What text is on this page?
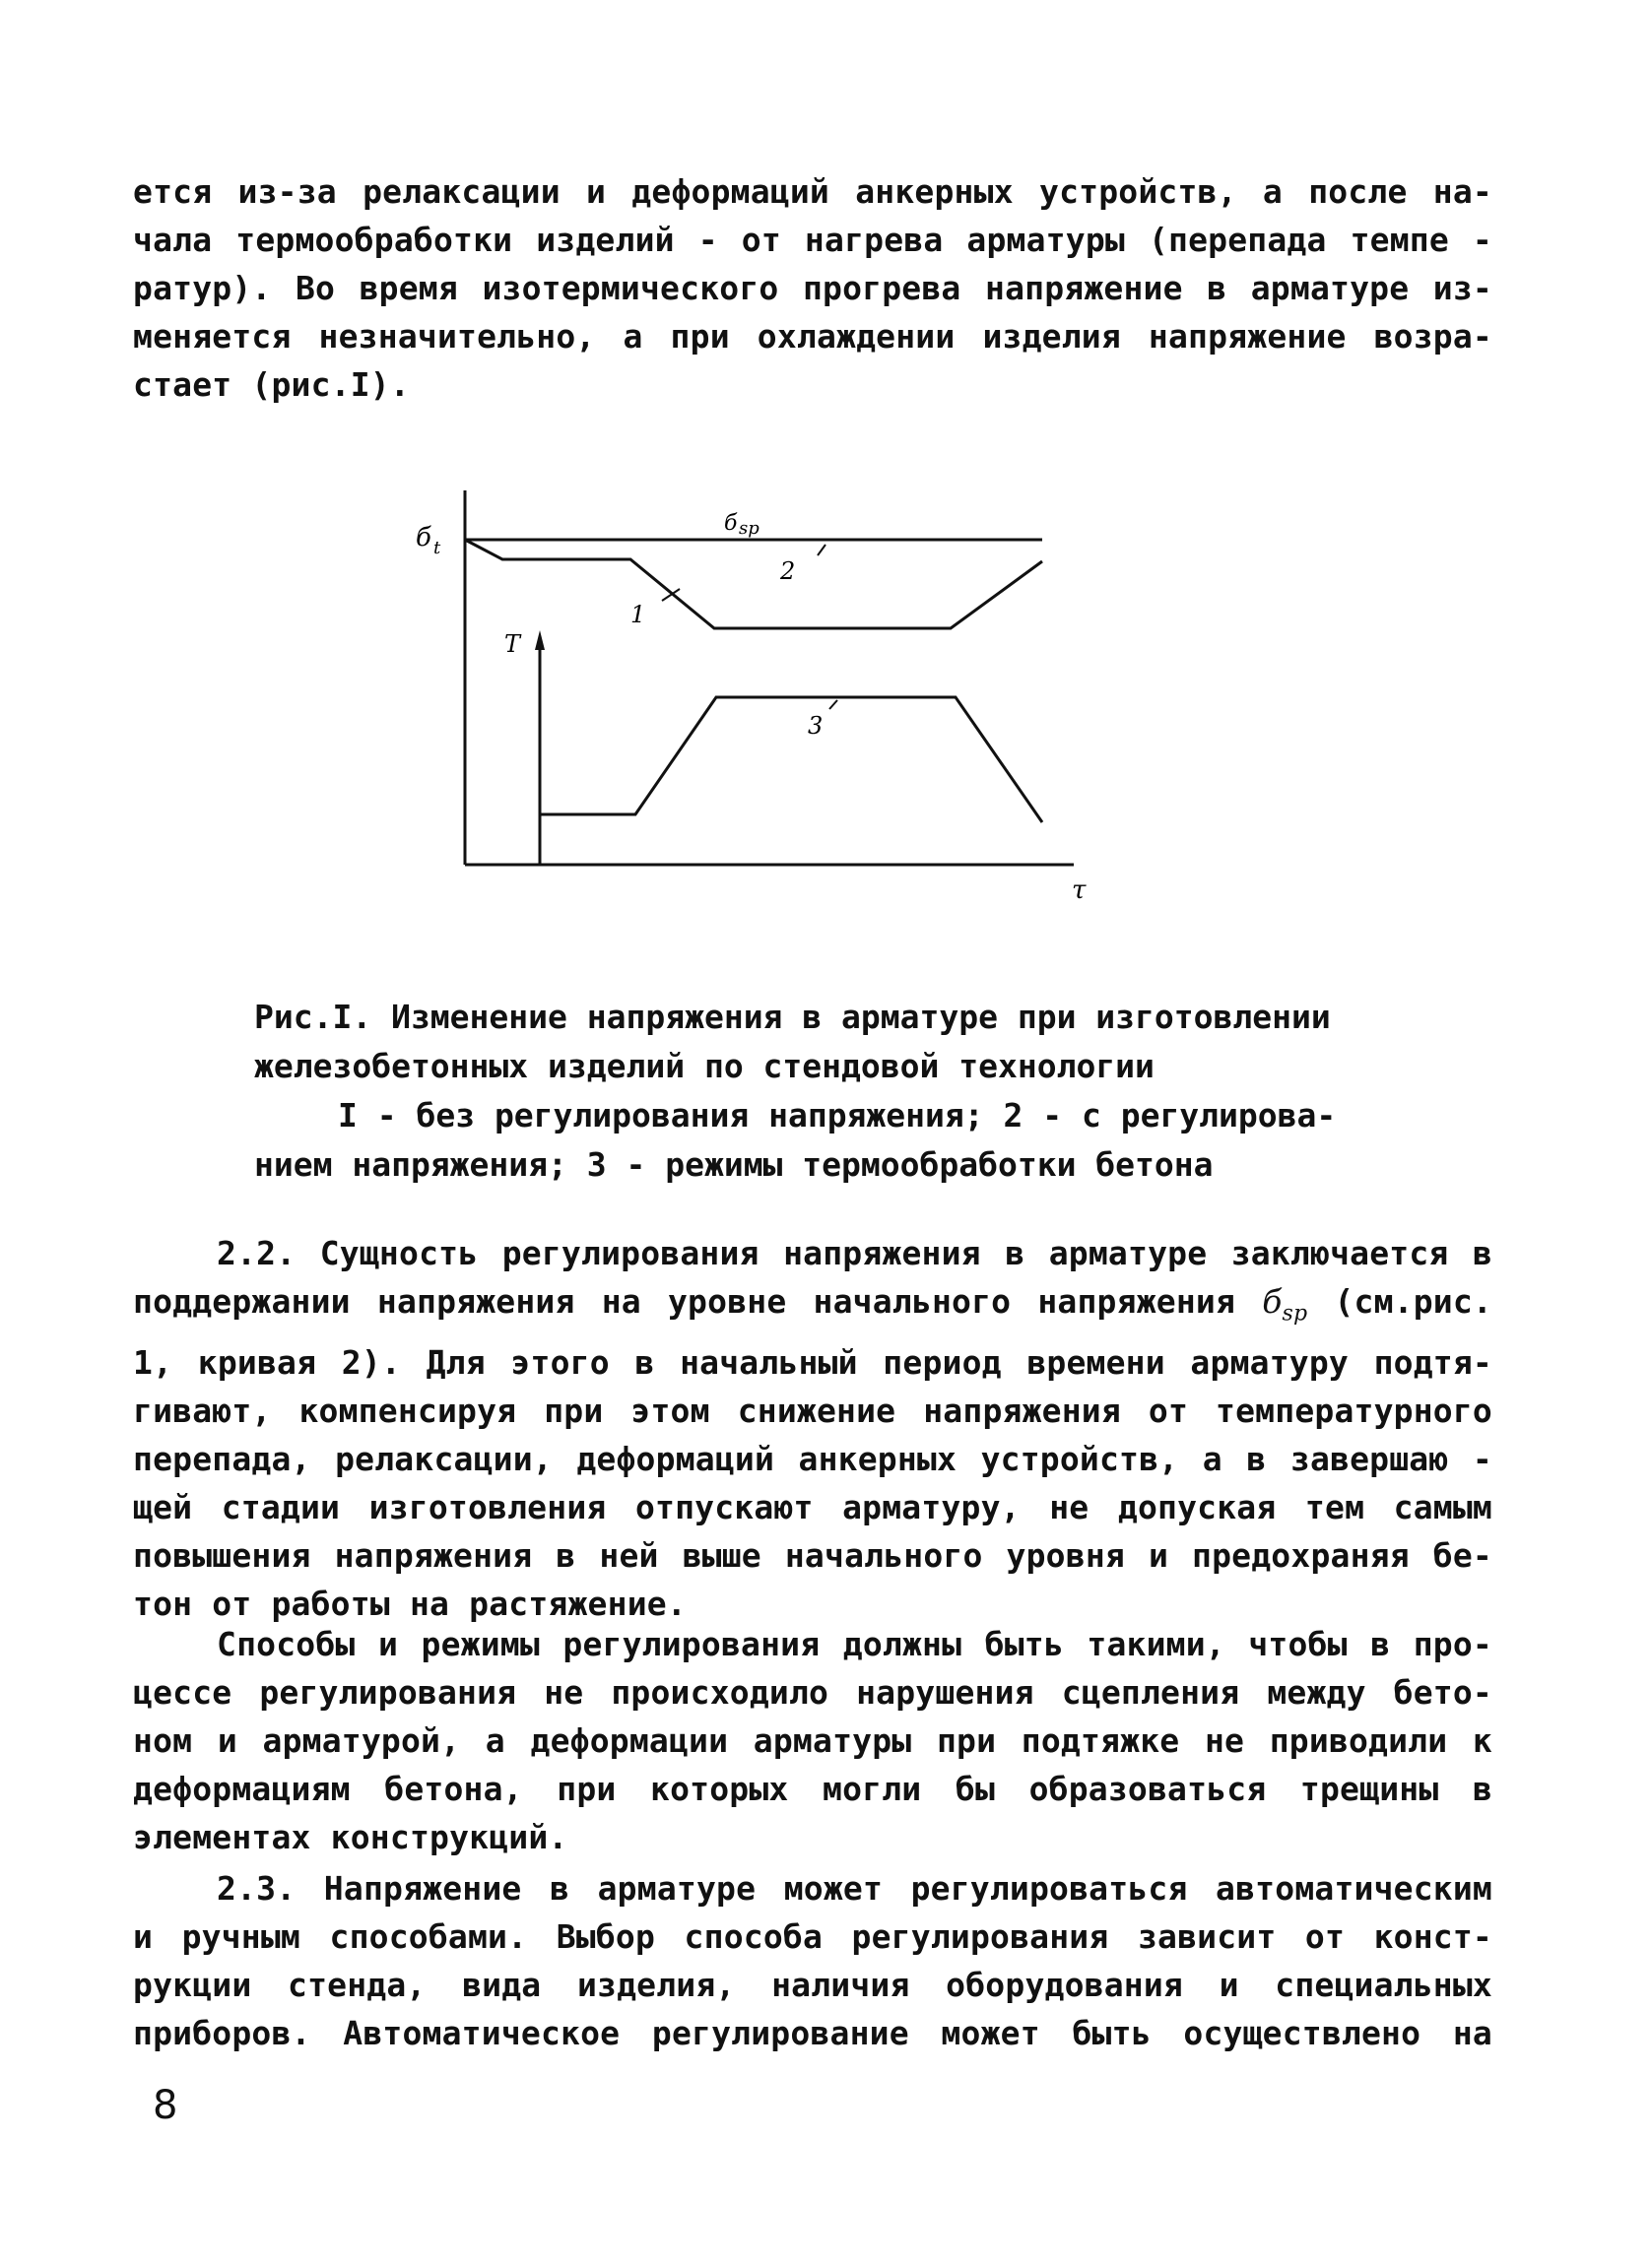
ется из-за релаксации и деформаций анкерных устройств, а после на-

чала термообработки изделий - от нагрева арматуры (перепада темпе -

ратур). Во время изотермического прогрева напряжение в арматуре из-

меняется незначительно, а при охлаждении изделия напряжение возра-

стает (рис.I).

б t
T
τ
б sp
1
2
3

Рис.I. Изменение напряжения в арматуре при изготовлении

железобетонных изделий по стендовой технологии

I - без регулирования напряжения; 2 - с регулирова-

нием напряжения; 3 - режимы термообработки бетона

2.2. Сущность регулирования напряжения в арматуре заключается в

поддержании напряжения на уровне начального напряжения $б_{sp}$ (см.рис.

1, кривая 2). Для этого в начальный период времени арматуру подтя-

гивают, компенсируя при этом снижение напряжения от температурного

перепада, релаксации, деформаций анкерных устройств, а в завершаю -

щей стадии изготовления отпускают арматуру, не допуская тем самым

повышения напряжения в ней выше начального уровня и предохраняя бе-

тон от работы на растяжение.

Способы и режимы регулирования должны быть такими, чтобы в про-

цессе регулирования не происходило нарушения сцепления между бето-

ном и арматурой, а деформации арматуры при подтяжке не приводили к

деформациям бетона, при которых могли бы образоваться трещины в

элементах конструкций.

2.3. Напряжение в арматуре может регулироваться автоматическим

и ручным способами. Выбор способа регулирования зависит от конст-

рукции стенда, вида изделия, наличия оборудования и специальных

приборов. Автоматическое регулирование может быть осуществлено на

8
